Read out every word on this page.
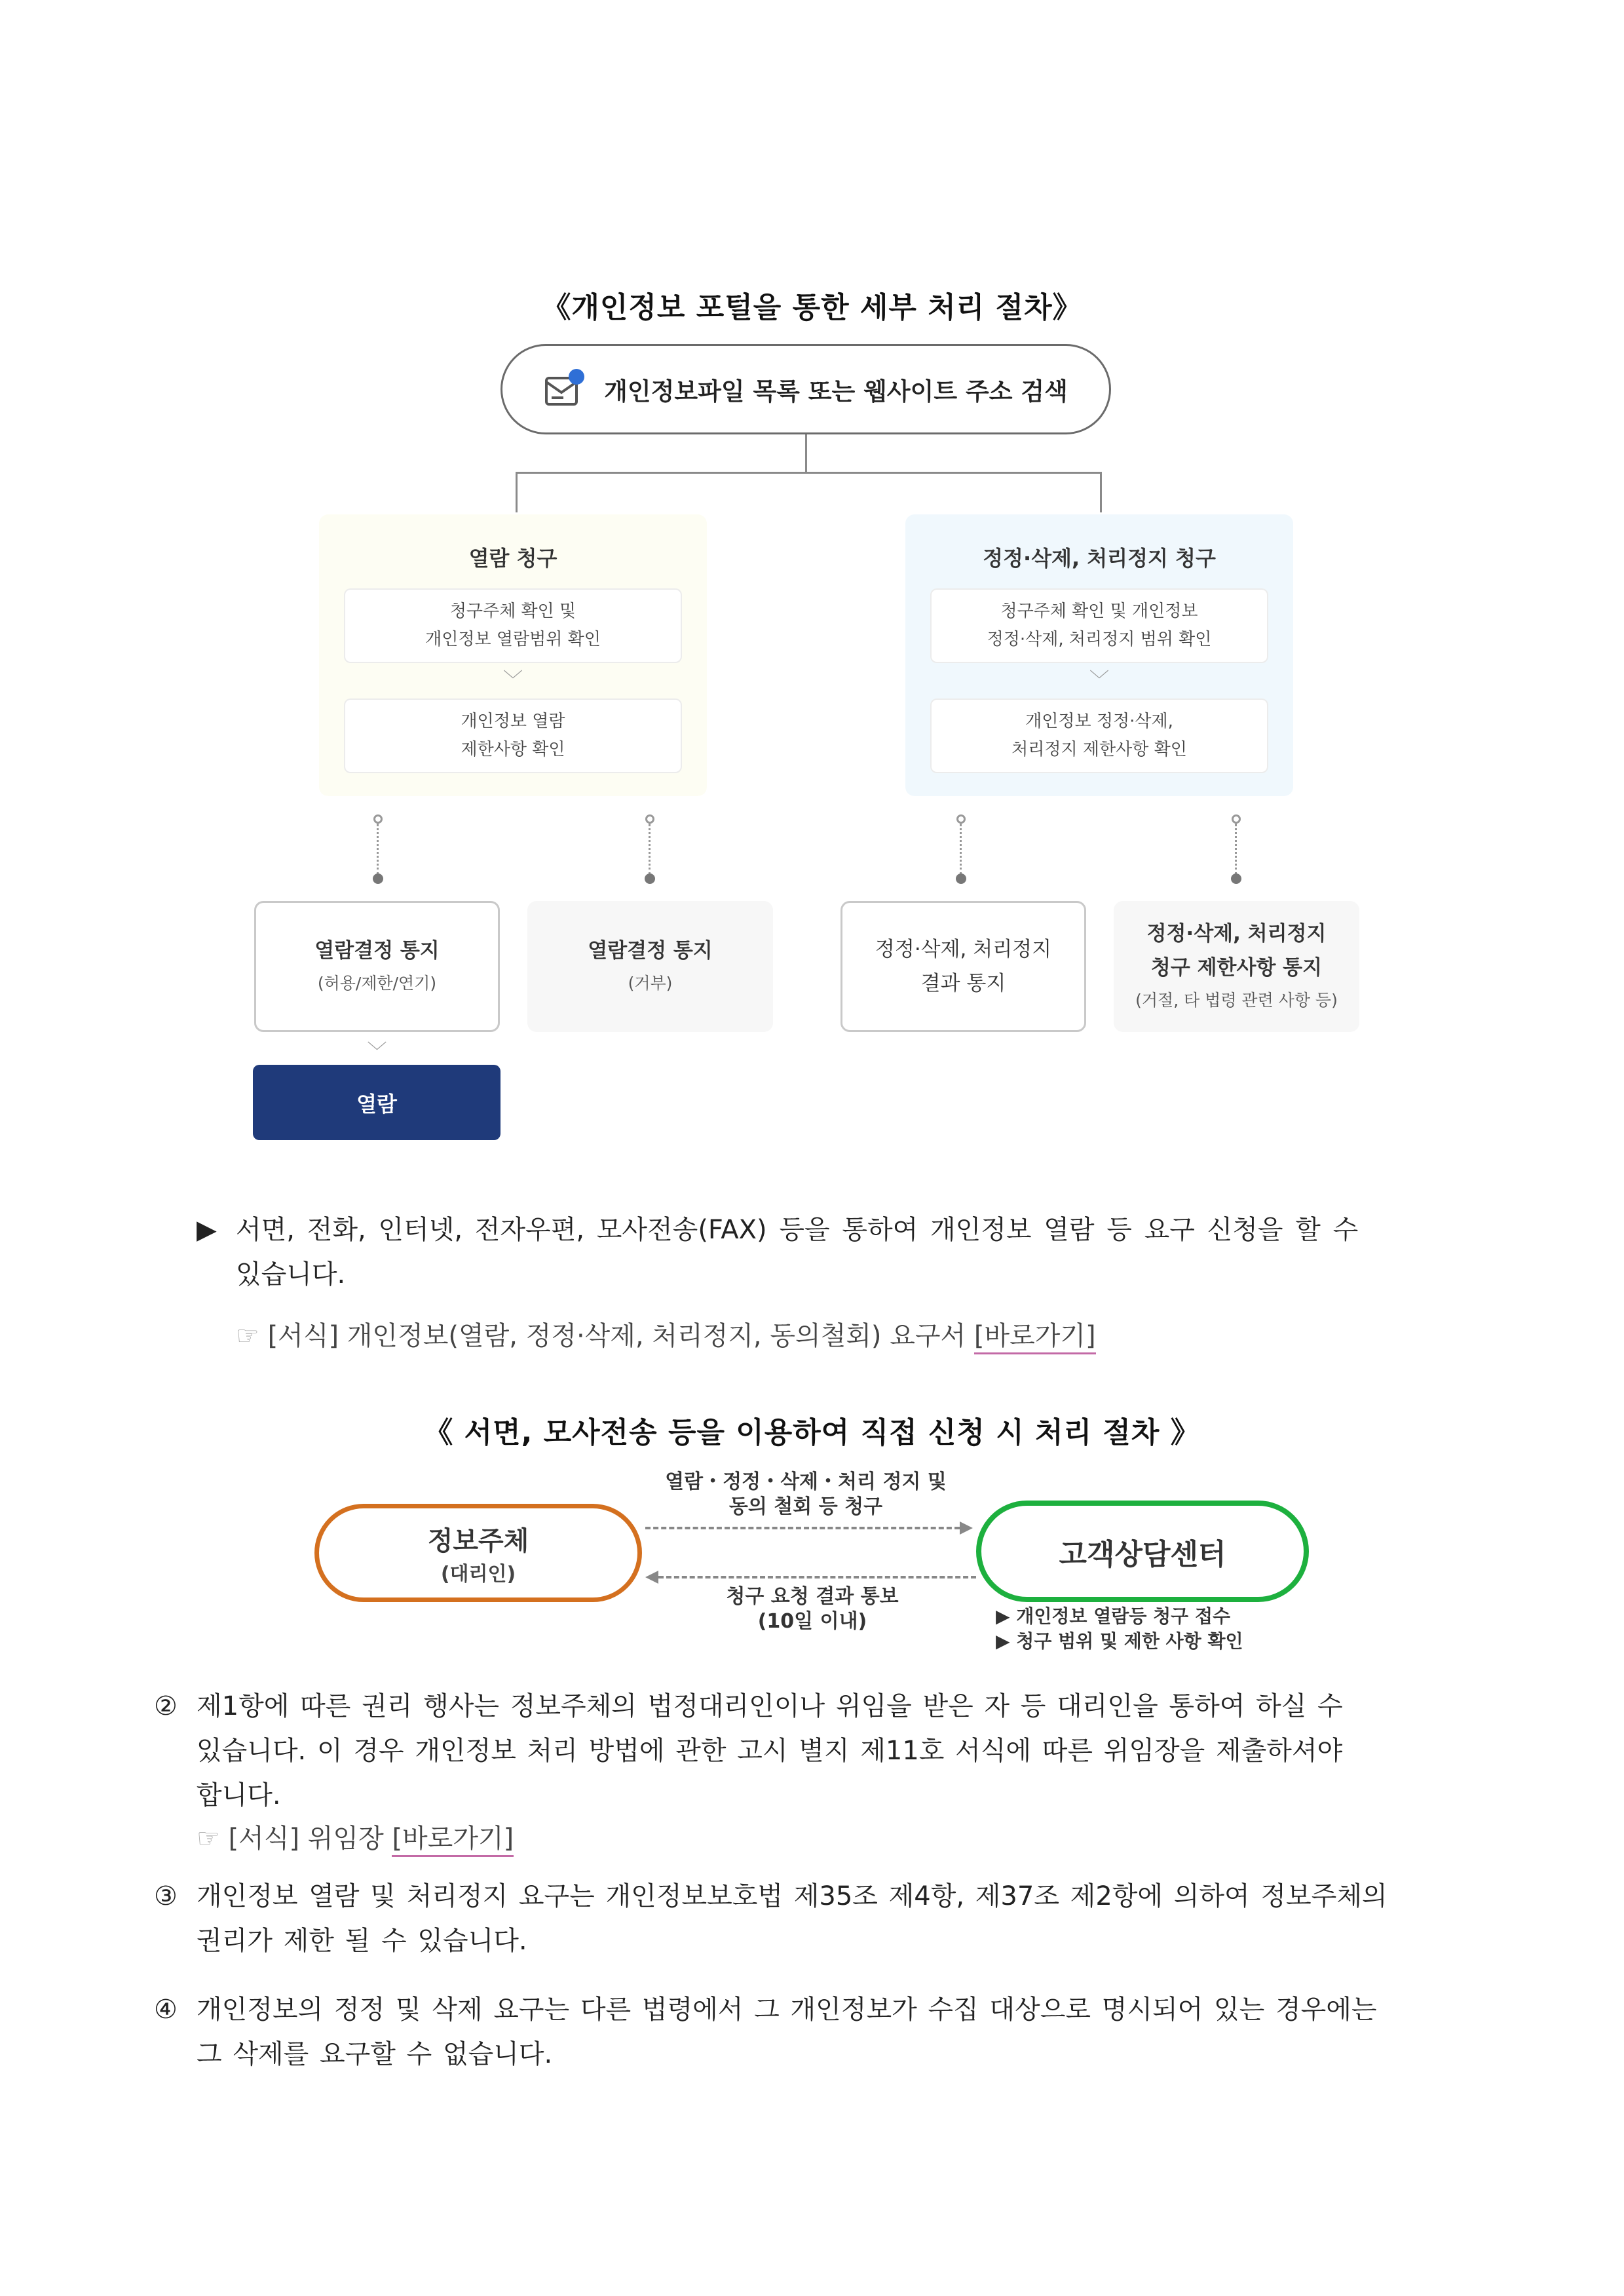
《개인정보 포털을 통한 세부 처리 절차》
개인정보파일 목록 또는 웹사이트 주소 검색
열람 청구
청구주체 확인 및
개인정보 열람범위 확인
﹀
개인정보 열람
제한사항 확인
정정·삭제, 처리정지 청구
청구주체 확인 및 개인정보
정정·삭제, 처리정지 범위 확인
﹀
개인정보 정정·삭제,
처리정지 제한사항 확인
열람결정 통지
(허용/제한/연기)
열람결정 통지
(거부)
정정·삭제, 처리정지
결과 통지
정정·삭제, 처리정지
청구 제한사항 통지
(거절, 타 법령 관련 사항 등)
﹀
열람
▶ 서면, 전화, 인터넷, 전자우편, 모사전송(FAX) 등을 통하여 개인정보 열람 등 요구 신청을 할 수
있습니다.
☞ [서식] 개인정보(열람, 정정·삭제, 처리정지, 동의철회) 요구서 [바로가기]
《 서면, 모사전송 등을 이용하여 직접 신청 시 처리 절차 》
열람・정정・삭제・처리 정지 및
동의 철회 등 청구
청구 요청 결과 통보
(10일 이내)
정보주체
(대리인)
고객상담센터
▶ 개인정보 열람등 청구 접수
▶ 청구 범위 및 제한 사항 확인
② 제1항에 따른 권리 행사는 정보주체의 법정대리인이나 위임을 받은 자 등 대리인을 통하여 하실 수
있습니다. 이 경우 개인정보 처리 방법에 관한 고시 별지 제11호 서식에 따른 위임장을 제출하셔야
합니다.
☞ [서식] 위임장 [바로가기]
③ 개인정보 열람 및 처리정지 요구는 개인정보보호법 제35조 제4항, 제37조 제2항에 의하여 정보주체의
권리가 제한 될 수 있습니다.
④ 개인정보의 정정 및 삭제 요구는 다른 법령에서 그 개인정보가 수집 대상으로 명시되어 있는 경우에는
그 삭제를 요구할 수 없습니다.
